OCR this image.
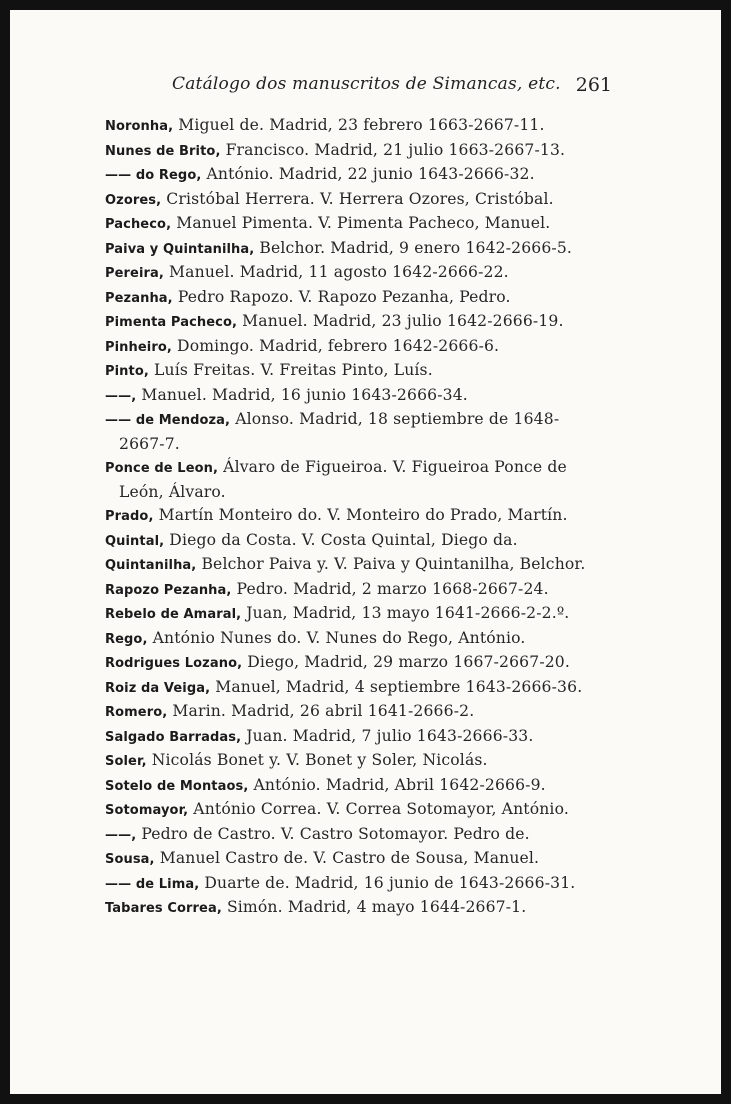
Catálogo dos manuscritos de Simancas, etc. 261
Noronha, Miguel de. Madrid, 23 febrero 1663-2667-11.
Nunes de Brito, Francisco. Madrid, 21 julio 1663-2667-13.
—— do Rego, António. Madrid, 22 junio 1643-2666-32.
Ozores, Cristóbal Herrera. V. Herrera Ozores, Cristóbal.
Pacheco, Manuel Pimenta. V. Pimenta Pacheco, Manuel.
Paiva y Quintanilha, Belchor. Madrid, 9 enero 1642-2666-5.
Pereira, Manuel. Madrid, 11 agosto 1642-2666-22.
Pezanha, Pedro Rapozo. V. Rapozo Pezanha, Pedro.
Pimenta Pacheco, Manuel. Madrid, 23 julio 1642-2666-19.
Pinheiro, Domingo. Madrid, febrero 1642-2666-6.
Pinto, Luís Freitas. V. Freitas Pinto, Luís.
——, Manuel. Madrid, 16 junio 1643-2666-34.
—— de Mendoza, Alonso. Madrid, 18 septiembre de 1648-2667-7.
Ponce de Leon, Álvaro de Figueiroa. V. Figueiroa Ponce de León, Álvaro.
Prado, Martín Monteiro do. V. Monteiro do Prado, Martín.
Quintal, Diego da Costa. V. Costa Quintal, Diego da.
Quintanilha, Belchor Paiva y. V. Paiva y Quintanilha, Belchor.
Rapozo Pezanha, Pedro. Madrid, 2 marzo 1668-2667-24.
Rebelo de Amaral, Juan, Madrid, 13 mayo 1641-2666-2-2.º.
Rego, António Nunes do. V. Nunes do Rego, António.
Rodrigues Lozano, Diego, Madrid, 29 marzo 1667-2667-20.
Roiz da Veiga, Manuel, Madrid, 4 septiembre 1643-2666-36.
Romero, Marin. Madrid, 26 abril 1641-2666-2.
Salgado Barradas, Juan. Madrid, 7 julio 1643-2666-33.
Soler, Nicolás Bonet y. V. Bonet y Soler, Nicolás.
Sotelo de Montaos, António. Madrid, Abril 1642-2666-9.
Sotomayor, António Correa. V. Correa Sotomayor, António.
——, Pedro de Castro. V. Castro Sotomayor. Pedro de.
Sousa, Manuel Castro de. V. Castro de Sousa, Manuel.
—— de Lima, Duarte de. Madrid, 16 junio de 1643-2666-31.
Tabares Correa, Simón. Madrid, 4 mayo 1644-2667-1.
